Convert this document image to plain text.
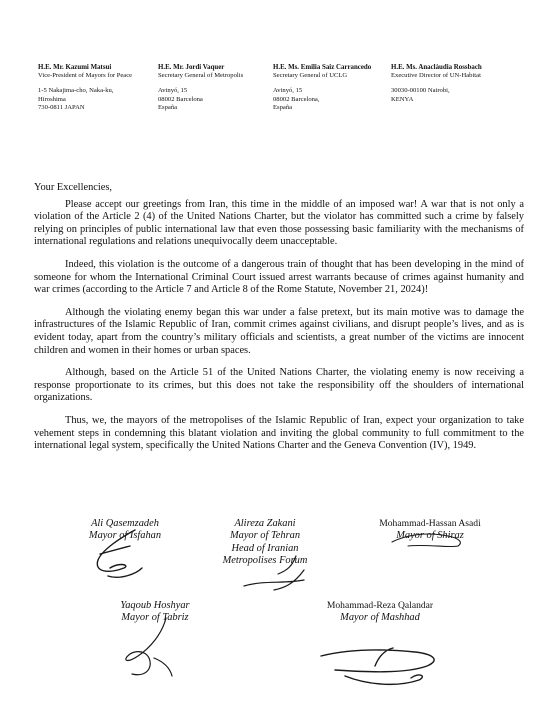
H.E. Mr. Kazumi Matsui
Vice-President of Mayors for Peace
1-5 Nakajima-cho, Naka-ku,
Hiroshima
730-0811 JAPAN
H.E. Mr. Jordi Vaquer
Secretary General of Metropolis
Avinyó, 15
08002 Barcelona
España
H.E. Ms. Emilia Saiz Carrancedo
Secretary General of UCLG
Avinyó, 15
08002 Barcelona,
España
H.E. Ms. Anaclàudia Rossbach
Executive Director of UN-Habitat
30030-00100 Nairobi,
KENYA

Your Excellencies,

Please accept our greetings from Iran, this time in the middle of an imposed war! A war that is not only a violation of the Article 2 (4) of the United Nations Charter, but the violator has committed such a crime by falsely relying on principles of public international law that even those possessing basic familiarity with the mechanisms of international regulations and relations unequivocally deem unacceptable.

Indeed, this violation is the outcome of a dangerous train of thought that has been developing in the mind of someone for whom the International Criminal Court issued arrest warrants because of crimes against humanity and war crimes (according to the Article 7 and Article 8 of the Rome Statute, November 21, 2024)!

Although the violating enemy began this war under a false pretext, but its main motive was to damage the infrastructures of the Islamic Republic of Iran, commit crimes against civilians, and disrupt people’s lives, and as is evident today, apart from the country’s military officials and scientists, a great number of the victims are innocent children and women in their homes or urban spaces.

Although, based on the Article 51 of the United Nations Charter, the violating enemy is now receiving a response proportionate to its crimes, but this does not take the responsibility off the shoulders of international organizations.

Thus, we, the mayors of the metropolises of the Islamic Republic of Iran, expect your organization to take vehement steps in condemning this blatant violation and inviting the global community to full commitment to the international legal system, specifically the United Nations Charter and the Geneva Convention (IV), 1949.

Ali Qasemzadeh
Mayor of Isfahan
Alireza Zakani
Mayor of Tehran
Head of Iranian
Metropolises Forum
Mohammad-Hassan Asadi
Mayor of Shiraz
Yaqoub Hoshyar
Mayor of Tabriz
Mohammad-Reza Qalandar
Mayor of Mashhad
